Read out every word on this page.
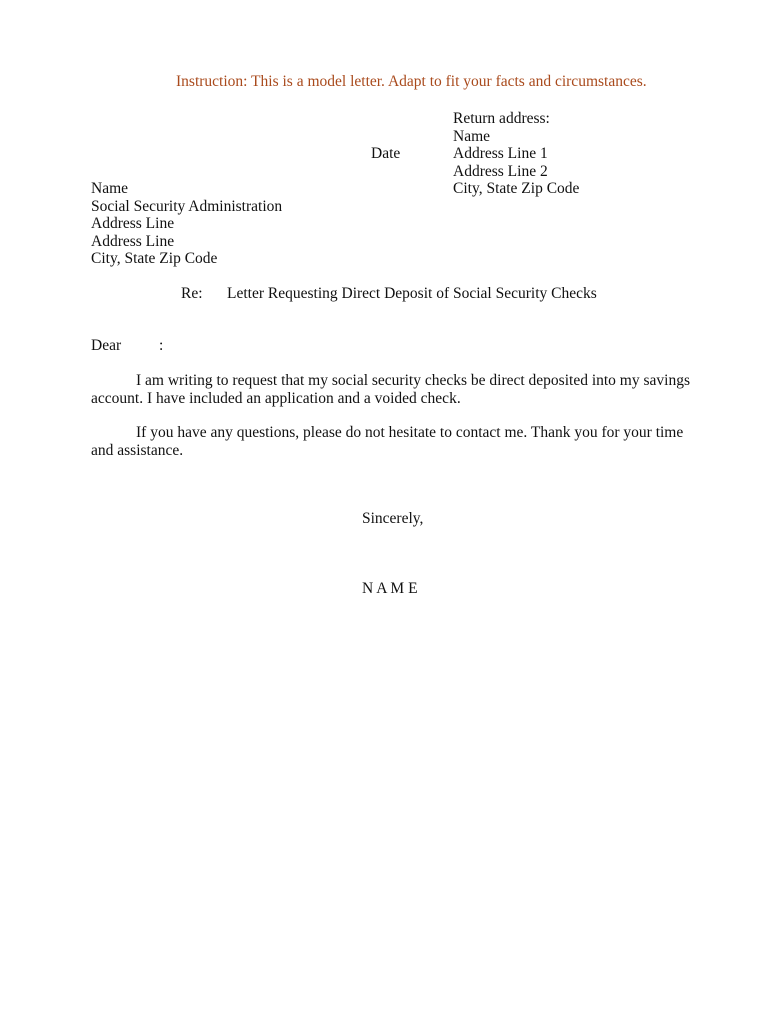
Instruction: This is a model letter. Adapt to fit your facts and circumstances.
Return address:
Name
Date	Address Line 1
Address Line 2
City, State Zip Code
Name
Social Security Administration
Address Line
Address Line
City, State Zip Code
Re: Letter Requesting Direct Deposit of Social Security Checks
Dear :
I am writing to request that my social security checks be direct deposited into my savings
account. I have included an application and a voided check.
If you have any questions, please do not hesitate to contact me. Thank you for your time
and assistance.
Sincerely,
N A M E
